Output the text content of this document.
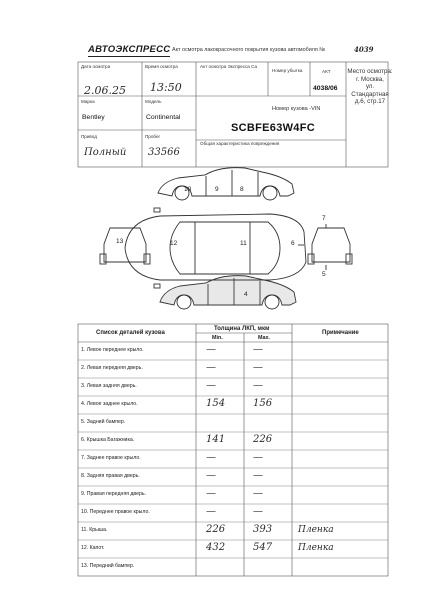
АВТОЭКСПРЕСС Акт осмотра лакокрасочного покрытия кузова автомобиля №	4039
Дата осмотра
2.06.25
Время осмотра
13:50
Акт осмотра Экспресса Са
Номер убытка	АКТ
4038/06
Место осмотра:
г. Москва,
ул. Стандартная
д.6, стр.17
Марка
Bentley
Модель
Continental
Номер кузова -VIN
SCBFE63W4FC
Привод
Полный
Пробег
33566
Общая характеристика повреждения
10	9	8
12	11	6
13
7
4
5
Список деталей кузова
Толщина ЛКП, мкм
Min.	Max.
Примечание
1. Левое переднее крыло.	—	—
2. Левая передняя дверь.	—	—
3. Левая задняя дверь.	—	—
4. Левое заднее крыло.	154	156
5. Задний бампер.
6. Крышка Багажника.	141	226
7. Заднее правое крыло.	—	—
8. Задняя правая дверь.	—	—
9. Правая передняя дверь.	—	—
10. Переднее правое крыло.	—	—
11. Крыша.	226	393	Пленка
12. Капот.	432	547	Пленка
13. Передний бампер.
